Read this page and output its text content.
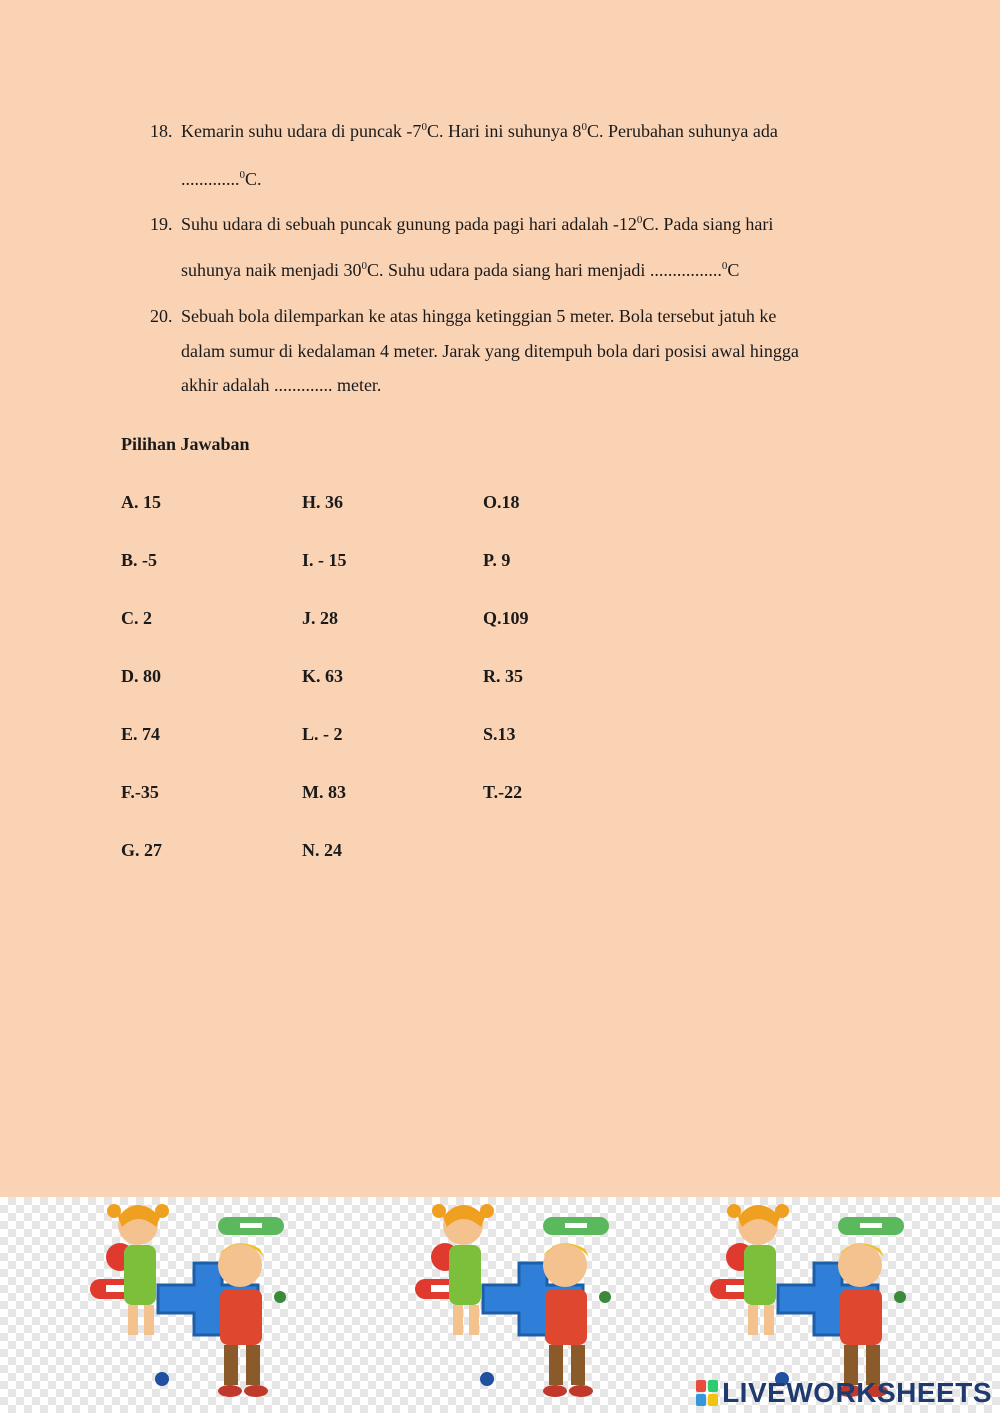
18. Kemarin suhu udara di puncak $-7^0C$. Hari ini suhunya $8^0C$. Perubahan suhunya ada
.............$^0$C.
19. Suhu udara di sebuah puncak gunung pada pagi hari adalah $-12^0C$. Pada siang hari
suhunya naik menjadi $30^0C$. Suhu udara pada siang hari menjadi ................$^0$C
20. Sebuah bola dilemparkan ke atas hingga ketinggian 5 meter. Bola tersebut jatuh ke
dalam sumur di kedalaman 4 meter. Jarak yang ditempuh bola dari posisi awal hingga
akhir adalah ............. meter.
Pilihan Jawaban
A. 15
B. -5
C. 2
D. 80
E. 74
F.-35
G. 27
H. 36
I. - 15
J. 28
K. 63
L. - 2
M. 83
N. 24
O.18
P. 9
Q.109
R. 35
S.13
T.-22
LIVEWORKSHEETS
